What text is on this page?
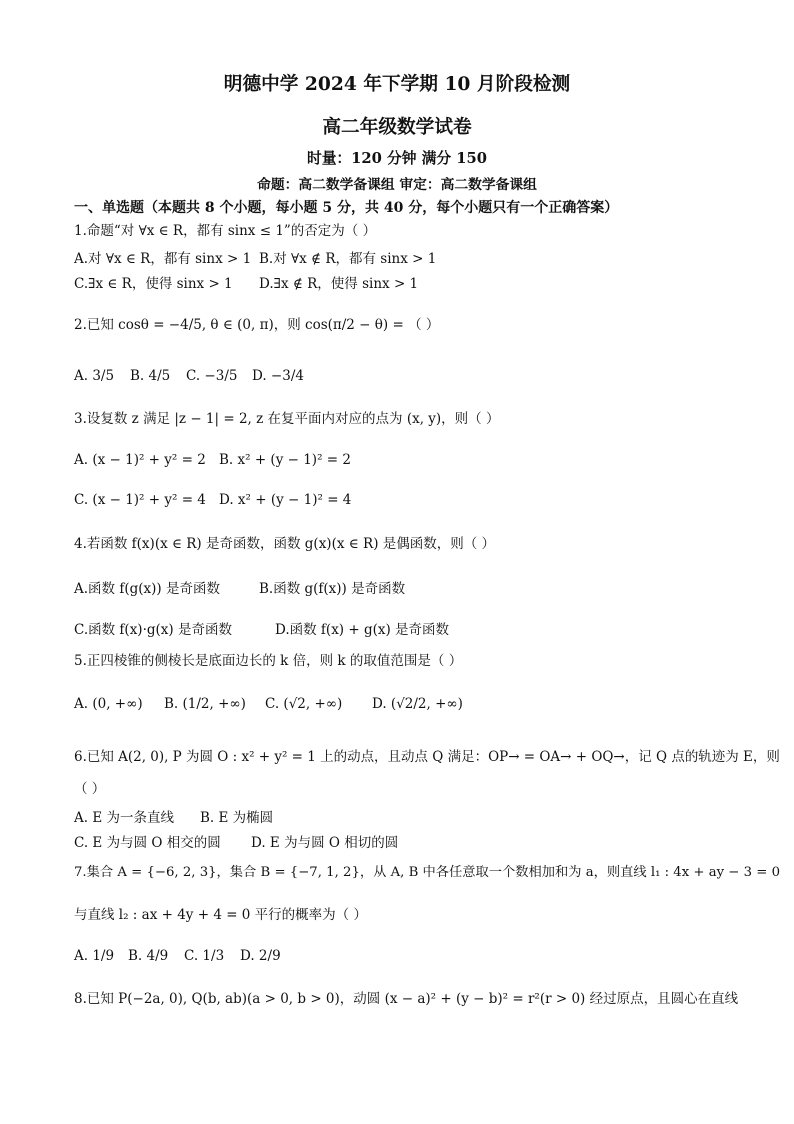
明德中学 2024 年下学期 10 月阶段检测
高二年级数学试卷
时量：120 分钟 满分 150
命题：高二数学备课组 审定：高二数学备课组
一、单选题（本题共 8 个小题，每小题 5 分，共 40 分，每个小题只有一个正确答案）
1.命题“对 ∀x ∈ R，都有 sinx ≤ 1”的否定为（ ）
A.对 ∀x ∈ R，都有 sinx > 1 B.对 ∀x ∉ R，都有 sinx > 1
C.∃x ∈ R，使得 sinx > 1 D.∃x ∉ R，使得 sinx > 1
2.已知 cosθ = −4/5, θ ∈ (0, π)，则 cos(π/2 − θ) = （ ）
A. 3/5 B. 4/5 C. −3/5 D. −3/4
3.设复数 z 满足 |z − 1| = 2, z 在复平面内对应的点为 (x, y)，则（ ）
A. (x − 1)² + y² = 2 B. x² + (y − 1)² = 2
C. (x − 1)² + y² = 4 D. x² + (y − 1)² = 4
4.若函数 f(x)(x ∈ R) 是奇函数，函数 g(x)(x ∈ R) 是偶函数，则（ ）
A.函数 f(g(x)) 是奇函数	B.函数 g(f(x)) 是奇函数
C.函数 f(x)·g(x) 是奇函数	D.函数 f(x) + g(x) 是奇函数
5.正四棱锥的侧棱长是底面边长的 k 倍，则 k 的取值范围是（ ）
A. (0, +∞) B. (1/2, +∞) C. (√2, +∞) D. (√2/2, +∞)
6.已知 A(2, 0), P 为圆 O : x² + y² = 1 上的动点，且动点 Q 满足：OP→ = OA→ + OQ→，记 Q 点的轨迹为 E，则
（ ）
A. E 为一条直线 B. E 为椭圆
C. E 为与圆 O 相交的圆 D. E 为与圆 O 相切的圆
7.集合 A = {−6, 2, 3}，集合 B = {−7, 1, 2}，从 A, B 中各任意取一个数相加和为 a，则直线 l₁ : 4x + ay − 3 = 0
与直线 l₂ : ax + 4y + 4 = 0 平行的概率为（ ）
A. 1/9 B. 4/9 C. 1/3 D. 2/9
8.已知 P(−2a, 0), Q(b, ab)(a > 0, b > 0)，动圆 (x − a)² + (y − b)² = r²(r > 0) 经过原点，且圆心在直线
